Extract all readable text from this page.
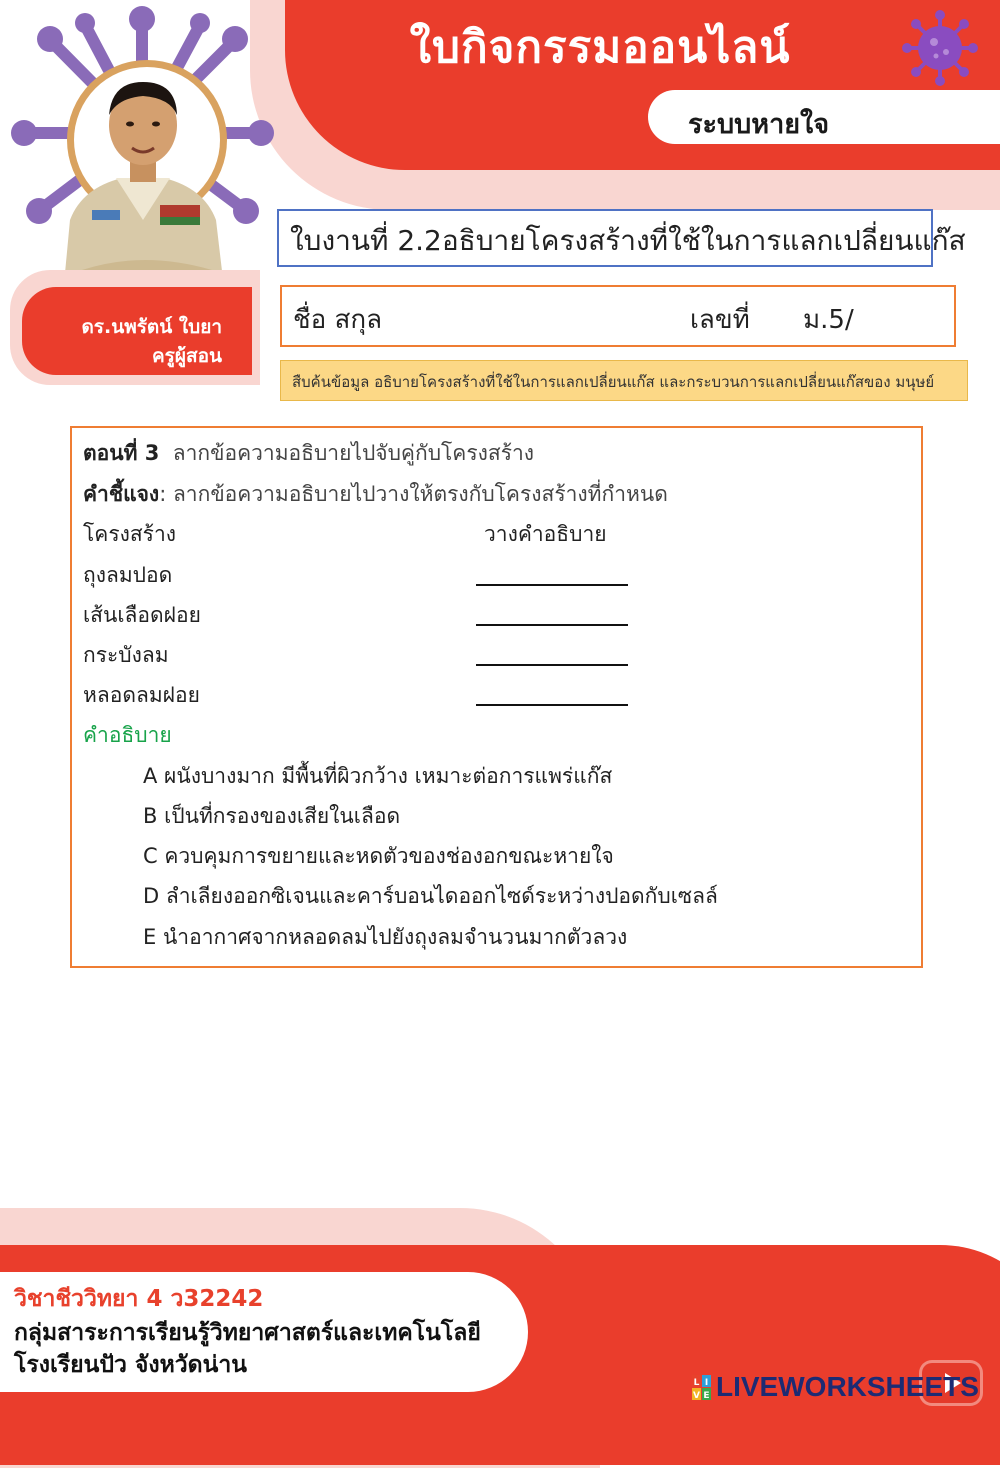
ใบกิจกรรมออนไลน์
ระบบหายใจ
ดร.นพรัตน์ ใบยา
ครูผู้สอน
ใบงานที่ 2.2อธิบายโครงสร้างที่ใช้ในการแลกเปลี่ยนแก๊ส
ชื่อ สกุล	เลขที่ ม.5/
สืบค้นข้อมูล อธิบายโครงสร้างที่ใช้ในการแลกเปลี่ยนแก๊ส และกระบวนการแลกเปลี่ยนแก๊สของ มนุษย์
ตอนที่ 3 ลากข้อความอธิบายไปจับคู่กับโครงสร้าง
คำชี้แจง: ลากข้อความอธิบายไปวางให้ตรงกับโครงสร้างที่กำหนด
โครงสร้าง	วางคำอธิบาย
ถุงลมปอด
เส้นเลือดฝอย
กระบังลม
หลอดลมฝอย
คำอธิบาย
A ผนังบางมาก มีพื้นที่ผิวกว้าง เหมาะต่อการแพร่แก๊ส
B เป็นที่กรองของเสียในเลือด
C ควบคุมการขยายและหดตัวของช่องอกขณะหายใจ
D ลำเลียงออกซิเจนและคาร์บอนไดออกไซด์ระหว่างปอดกับเซลล์
E นำอากาศจากหลอดลมไปยังถุงลมจำนวนมากตัวลวง
วิชาชีววิทยา 4 ว32242
กลุ่มสาระการเรียนรู้วิทยาศาสตร์และเทคโนโลยี
โรงเรียนปัว จังหวัดน่าน
L I
V E LIVEWORKSHEETS
